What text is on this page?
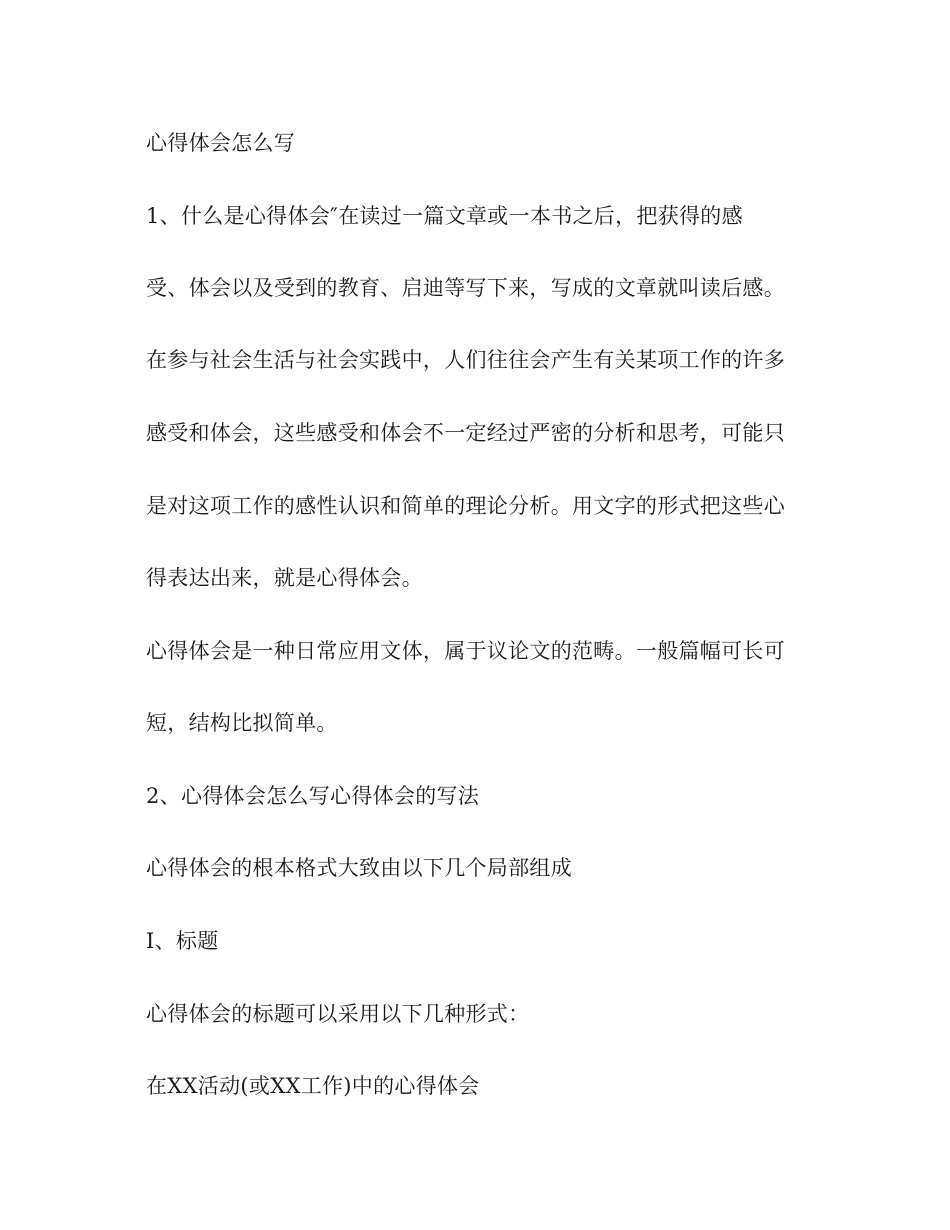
心得体会怎么写
1、什么是心得体会″在读过一篇文章或一本书之后，把获得的感
受、体会以及受到的教育、启迪等写下来，写成的文章就叫读后感。
在参与社会生活与社会实践中，人们往往会产生有关某项工作的许多
感受和体会，这些感受和体会不一定经过严密的分析和思考，可能只
是对这项工作的感性认识和简单的理论分析。用文字的形式把这些心
得表达出来，就是心得体会。
心得体会是一种日常应用文体，属于议论文的范畴。一般篇幅可长可
短，结构比拟简单。
2、心得体会怎么写心得体会的写法
心得体会的根本格式大致由以下几个局部组成
I、标题
心得体会的标题可以采用以下几种形式：
在XX活动(或XX工作)中的心得体会
